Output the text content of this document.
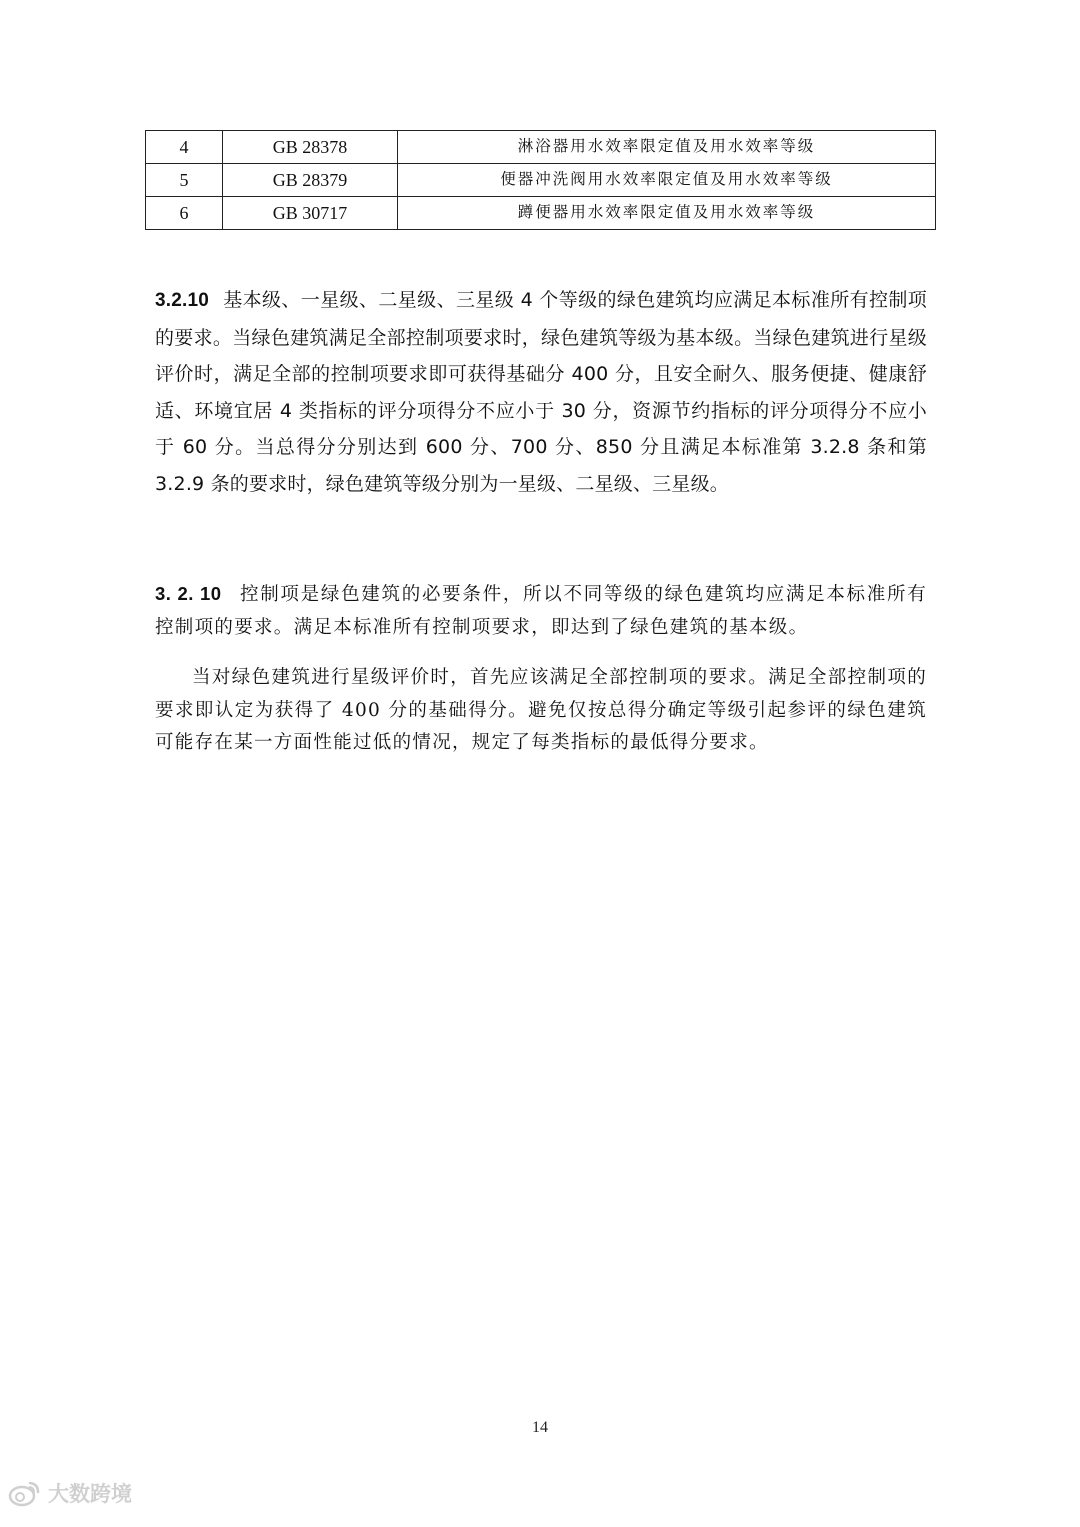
4	GB 28378	淋浴器用水效率限定值及用水效率等级
5	GB 28379	便器冲洗阀用水效率限定值及用水效率等级
6	GB 30717	蹲便器用水效率限定值及用水效率等级

3.2.10 基本级、一星级、二星级、三星级 4 个等级的绿色建筑均应满足本标准所有控制项的要求。当绿色建筑满足全部控制项要求时，绿色建筑等级为基本级。当绿色建筑进行星级评价时，满足全部的控制项要求即可获得基础分 400 分，且安全耐久、服务便捷、健康舒适、环境宜居 4 类指标的评分项得分不应小于 30 分，资源节约指标的评分项得分不应小于 60 分。当总得分分别达到 600 分、700 分、850 分且满足本标准第 3.2.8 条和第 3.2.9 条的要求时，绿色建筑等级分别为一星级、二星级、三星级。

3. 2. 10 控制项是绿色建筑的必要条件，所以不同等级的绿色建筑均应满足本标准所有控制项的要求。满足本标准所有控制项要求，即达到了绿色建筑的基本级。

当对绿色建筑进行星级评价时，首先应该满足全部控制项的要求。满足全部控制项的要求即认定为获得了 400 分的基础得分。避免仅按总得分确定等级引起参评的绿色建筑可能存在某一方面性能过低的情况，规定了每类指标的最低得分要求。

14
大数跨境
